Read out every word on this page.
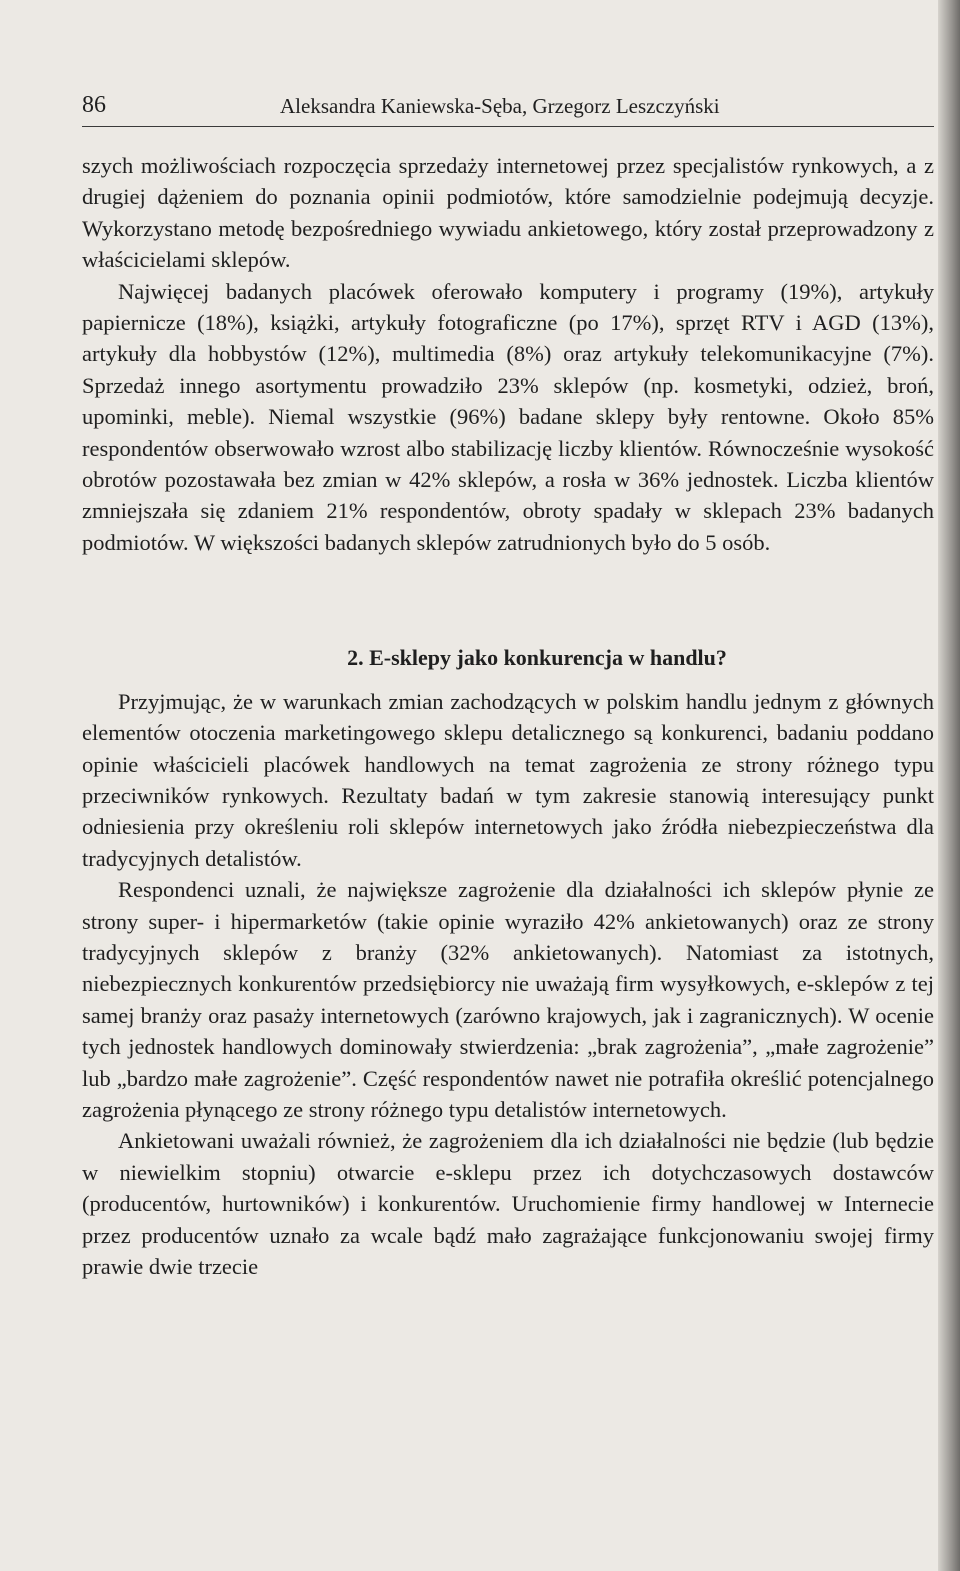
86	Aleksandra Kaniewska-Sęba, Grzegorz Leszczyński

szych możliwościach rozpoczęcia sprzedaży internetowej przez specjalistów rynkowych, a z drugiej dążeniem do poznania opinii podmiotów, które samodzielnie podejmują decyzje. Wykorzystano metodę bezpośredniego wywiadu ankietowego, który został przeprowadzony z właścicielami sklepów.

Najwięcej badanych placówek oferowało komputery i programy (19%), artykuły papiernicze (18%), książki, artykuły fotograficzne (po 17%), sprzęt RTV i AGD (13%), artykuły dla hobbystów (12%), multimedia (8%) oraz artykuły telekomunikacyjne (7%). Sprzedaż innego asortymentu prowadziło 23% sklepów (np. kosmetyki, odzież, broń, upominki, meble). Niemal wszystkie (96%) badane sklepy były rentowne. Około 85% respondentów obserwowało wzrost albo stabilizację liczby klientów. Równocześnie wysokość obrotów pozostawała bez zmian w 42% sklepów, a rosła w 36% jednostek. Liczba klientów zmniejszała się zdaniem 21% respondentów, obroty spadały w sklepach 23% badanych podmiotów. W większości badanych sklepów zatrudnionych było do 5 osób.

2. E-sklepy jako konkurencja w handlu?

Przyjmując, że w warunkach zmian zachodzących w polskim handlu jednym z głównych elementów otoczenia marketingowego sklepu detalicznego są konkurenci, badaniu poddano opinie właścicieli placówek handlowych na temat zagrożenia ze strony różnego typu przeciwników rynkowych. Rezultaty badań w tym zakresie stanowią interesujący punkt odniesienia przy określeniu roli sklepów internetowych jako źródła niebezpieczeństwa dla tradycyjnych detalistów.

Respondenci uznali, że największe zagrożenie dla działalności ich sklepów płynie ze strony super- i hipermarketów (takie opinie wyraziło 42% ankietowanych) oraz ze strony tradycyjnych sklepów z branży (32% ankietowanych). Natomiast za istotnych, niebezpiecznych konkurentów przedsiębiorcy nie uważają firm wysyłkowych, e-sklepów z tej samej branży oraz pasaży internetowych (zarówno krajowych, jak i zagranicznych). W ocenie tych jednostek handlowych dominowały stwierdzenia: „brak zagrożenia”, „małe zagrożenie” lub „bardzo małe zagrożenie”. Część respondentów nawet nie potrafiła określić potencjalnego zagrożenia płynącego ze strony różnego typu detalistów internetowych.

Ankietowani uważali również, że zagrożeniem dla ich działalności nie będzie (lub będzie w niewielkim stopniu) otwarcie e-sklepu przez ich dotychczasowych dostawców (producentów, hurtowników) i konkurentów. Uruchomienie firmy handlowej w Internecie przez producentów uznało za wcale bądź mało zagrażające funkcjonowaniu swojej firmy prawie dwie trzecie
